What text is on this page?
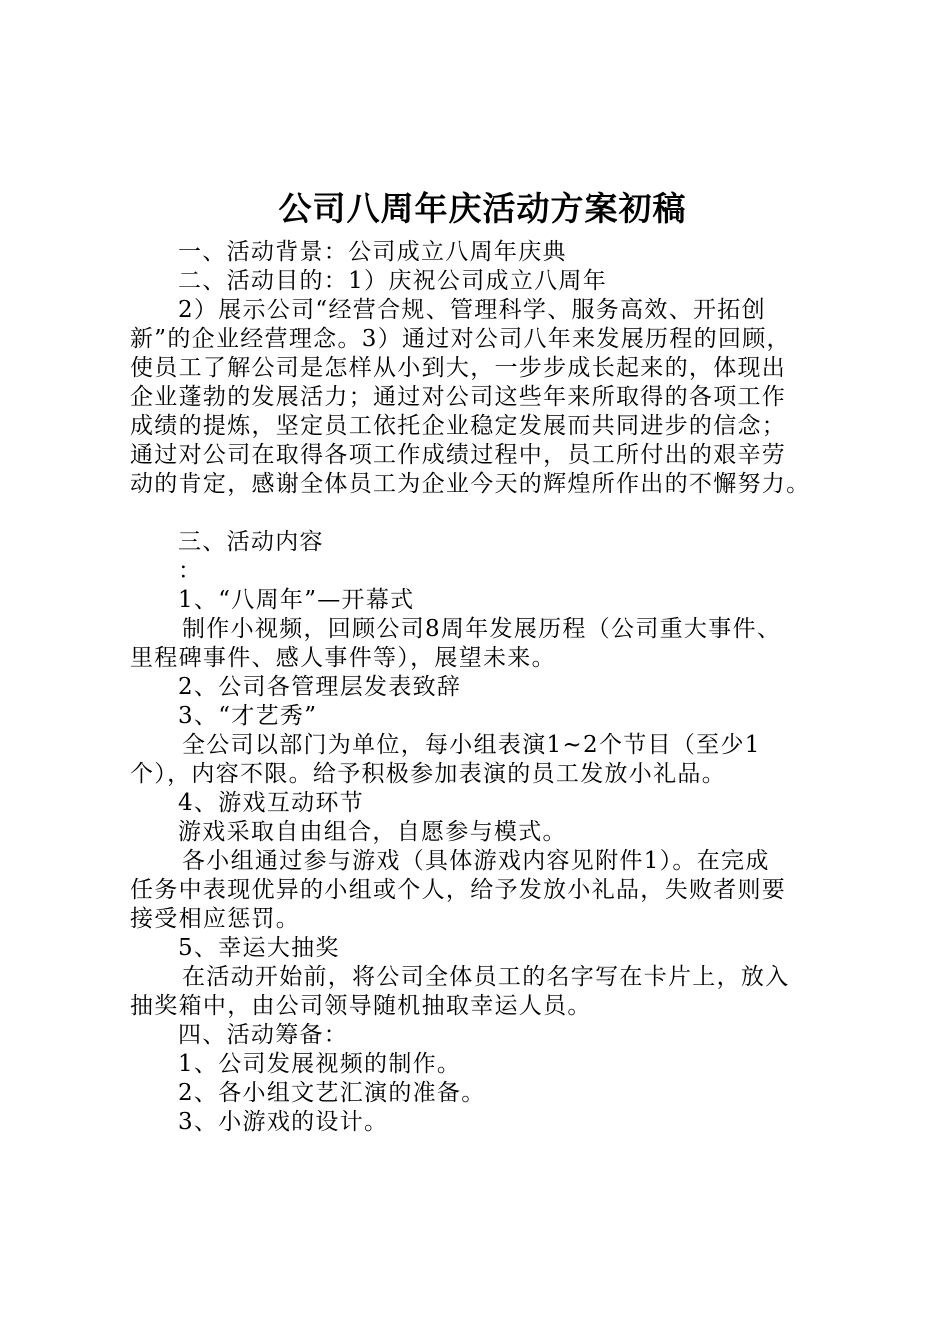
公司八周年庆活动方案初稿
一、活动背景：公司成立八周年庆典
二、活动目的：1）庆祝公司成立八周年
2）展示公司“经营合规、管理科学、服务高效、开拓创
新”的企业经营理念。3）通过对公司八年来发展历程的回顾，
使员工了解公司是怎样从小到大，一步步成长起来的，体现出
企业蓬勃的发展活力；通过对公司这些年来所取得的各项工作
成绩的提炼，坚定员工依托企业稳定发展而共同进步的信念；
通过对公司在取得各项工作成绩过程中，员工所付出的艰辛劳
动的肯定，感谢全体员工为企业今天的辉煌所作出的不懈努力。
三、活动内容
：
1、“八周年”—开幕式
制作小视频，回顾公司8周年发展历程（公司重大事件、
里程碑事件、感人事件等），展望未来。
2、公司各管理层发表致辞
3、“才艺秀”
全公司以部门为单位，每小组表演1~2个节目（至少1
个），内容不限。给予积极参加表演的员工发放小礼品。
4、游戏互动环节
游戏采取自由组合，自愿参与模式。
各小组通过参与游戏（具体游戏内容见附件1）。在完成
任务中表现优异的小组或个人，给予发放小礼品，失败者则要
接受相应惩罚。
5、幸运大抽奖
在活动开始前，将公司全体员工的名字写在卡片上，放入
抽奖箱中，由公司领导随机抽取幸运人员。
四、活动筹备：
1、公司发展视频的制作。
2、各小组文艺汇演的准备。
3、小游戏的设计。
